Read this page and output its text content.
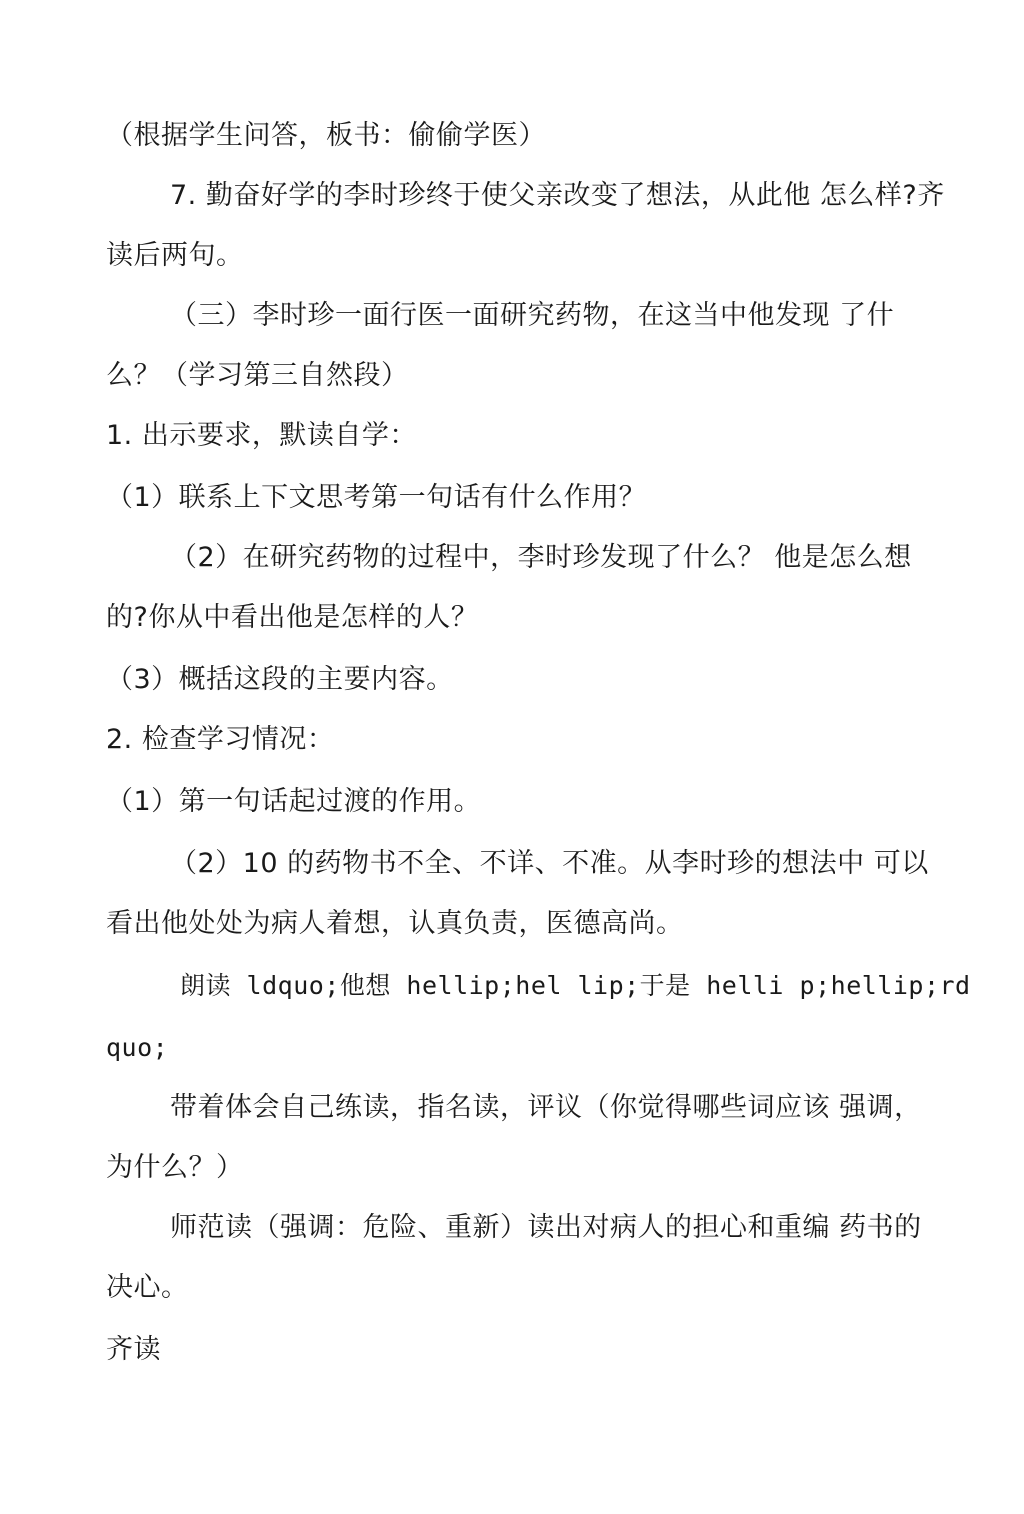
（根据学生问答，板书：偷偷学医）
7. 勤奋好学的李时珍终于使父亲改变了想法，从此他 怎么样?齐
读后两句。
（三）李时珍一面行医一面研究药物，在这当中他发现 了什
么？（学习第三自然段）
1. 出示要求，默读自学：
（1）联系上下文思考第一句话有什么作用？
（2）在研究药物的过程中，李时珍发现了什么？ 他是怎么想
的?你从中看出他是怎样的人？
（3）概括这段的主要内容。
2. 检查学习情况：
（1）第一句话起过渡的作用。
（2）10 的药物书不全、不详、不准。从李时珍的想法中 可以
看出他处处为病人着想，认真负责，医德高尚。
朗读 ldquo;他想 hellip;hel lip;于是 helli p;hellip;rd
quo;
带着体会自己练读，指名读，评议（你觉得哪些词应该 强调，
为什么？）
师范读（强调：危险、重新）读出对病人的担心和重编 药书的
决心。
齐读
